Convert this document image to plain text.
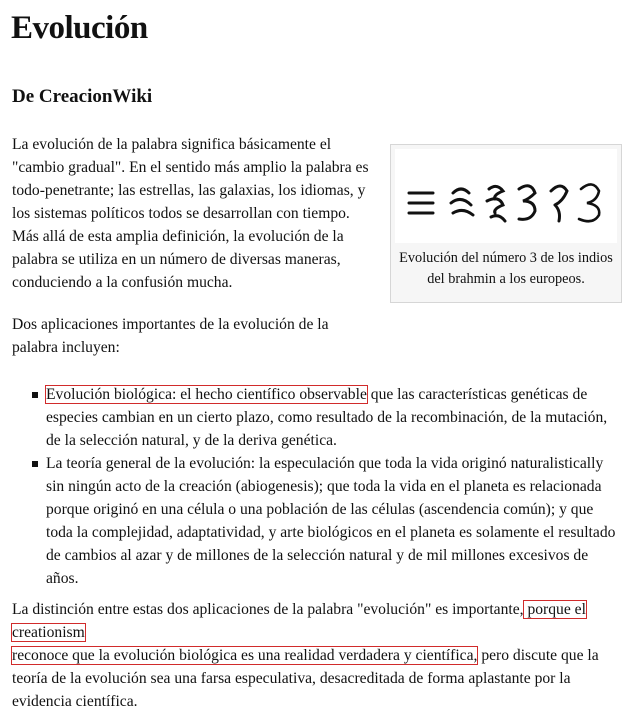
Evolución
De CreacionWiki

La evolución de la palabra significa básicamente el "cambio gradual". En el sentido más amplio la palabra es todo-penetrante; las estrellas, las galaxias, los idiomas, y los sistemas políticos todos se desarrollan con tiempo. Más allá de esta amplia definición, la evolución de la palabra se utiliza en un número de diversas maneras, conduciendo a la confusión mucha.

Evolución del número 3 de los indios del brahmin a los europeos.

Dos aplicaciones importantes de la evolución de la palabra incluyen:

Evolución biológica: el hecho científico observable que las características genéticas de especies cambian en un cierto plazo, como resultado de la recombinación, de la mutación, de la selección natural, y de la deriva genética.
La teoría general de la evolución: la especulación que toda la vida originó naturalistically sin ningún acto de la creación (abiogenesis); que toda la vida en el planeta es relacionada porque originó en una célula o una población de las células (ascendencia común); y que toda la complejidad, adaptatividad, y arte biológicos en el planeta es solamente el resultado de cambios al azar y de millones de la selección natural y de mil millones excesivos de años.

La distinción entre estas dos aplicaciones de la palabra "evolución" es importante, porque el creationism
reconoce que la evolución biológica es una realidad verdadera y científica, pero discute que la teoría de la evolución sea una farsa especulativa, desacreditada de forma aplastante por la evidencia científica.
